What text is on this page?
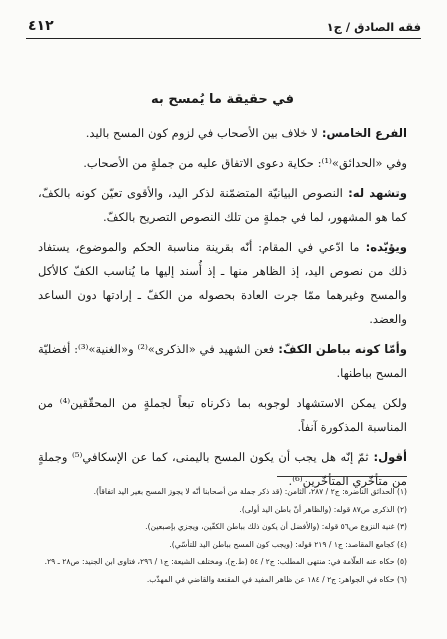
فقه الصادق / ج١
٤١٢
في حقيقة ما يُمسح به

الفرع الخامس: لا خلاف بين الأصحاب في لزوم كون المسح باليد.

وفي «الحدائق»⁽¹⁾: حكاية دعوى الاتفاق عليه من جملةٍ من الأصحاب.

وتشهد له: النصوص البيانيّة المتضمّنة لذكر اليد، والأقوى تعيّن كونه بالكفّ، كما هو المشهور، لما في جملةٍ من تلك النصوص التصريح بالكفّ.

ويؤيّده: ما ادّعي في المقام: أنّه بقرينة مناسبة الحكم والموضوع، يستفاد ذلك من نصوص اليد، إذ الظاهر منها ـ إذ أُسند إليها ما يُناسب الكفّ كالأكل والمسح وغيرهما ممّا جرت العادة بحصوله من الكفّ ـ إرادتها دون الساعد والعضد.

وأمّا كونه بباطن الكفّ: فعن الشهيد في «الذكرى»⁽²⁾ و«الغنية»⁽³⁾: أفضليّة المسح بباطنها.

ولكن يمكن الاستشهاد لوجوبه بما ذكرناه تبعاً لجملةٍ من المحقّقين⁽⁴⁾ من المناسبة المذكورة آنفاً.

أقول: ثمّ إنّه هل يجب أن يكون المسح باليمنى، كما عن الإسكافي⁽⁵⁾ وجملةٍ من متأخّري المتأخّرين⁽⁶⁾.

(١) الحدائق الناضرة: ج٢ / ٢٨٧، الثامن: (قد ذكر جملة من أصحابنا أنّه لا يجوز المسح بغير اليد اتفاقاً).

(٢) الذكرى ص٨٧ قوله: (والظاهر أنّ باطن اليد أولى).

(٣) غنية النزوع ص٥٦ قوله: (والأفضل أن يكون ذلك بباطن الكفّين، ويجزي بإصبعين).

(٤) كجامع المقاصد: ج١ / ٢١٩ قوله: (ويجب كون المسح بباطن اليد للتأسّي).

(٥) حكاه عنه العلّامة في: منتهى المطلب: ج٢ / ٥٤ (ط.ج)، ومختلف الشيعة: ج١ / ٢٩٦، فتاوى ابن الجنيد: ص٢٨ ـ ٢٩.

(٦) حكاه في الجواهر: ج٢ / ١٨٤ عن ظاهر المفيد في المقنعة والقاضي في المهذّب.
